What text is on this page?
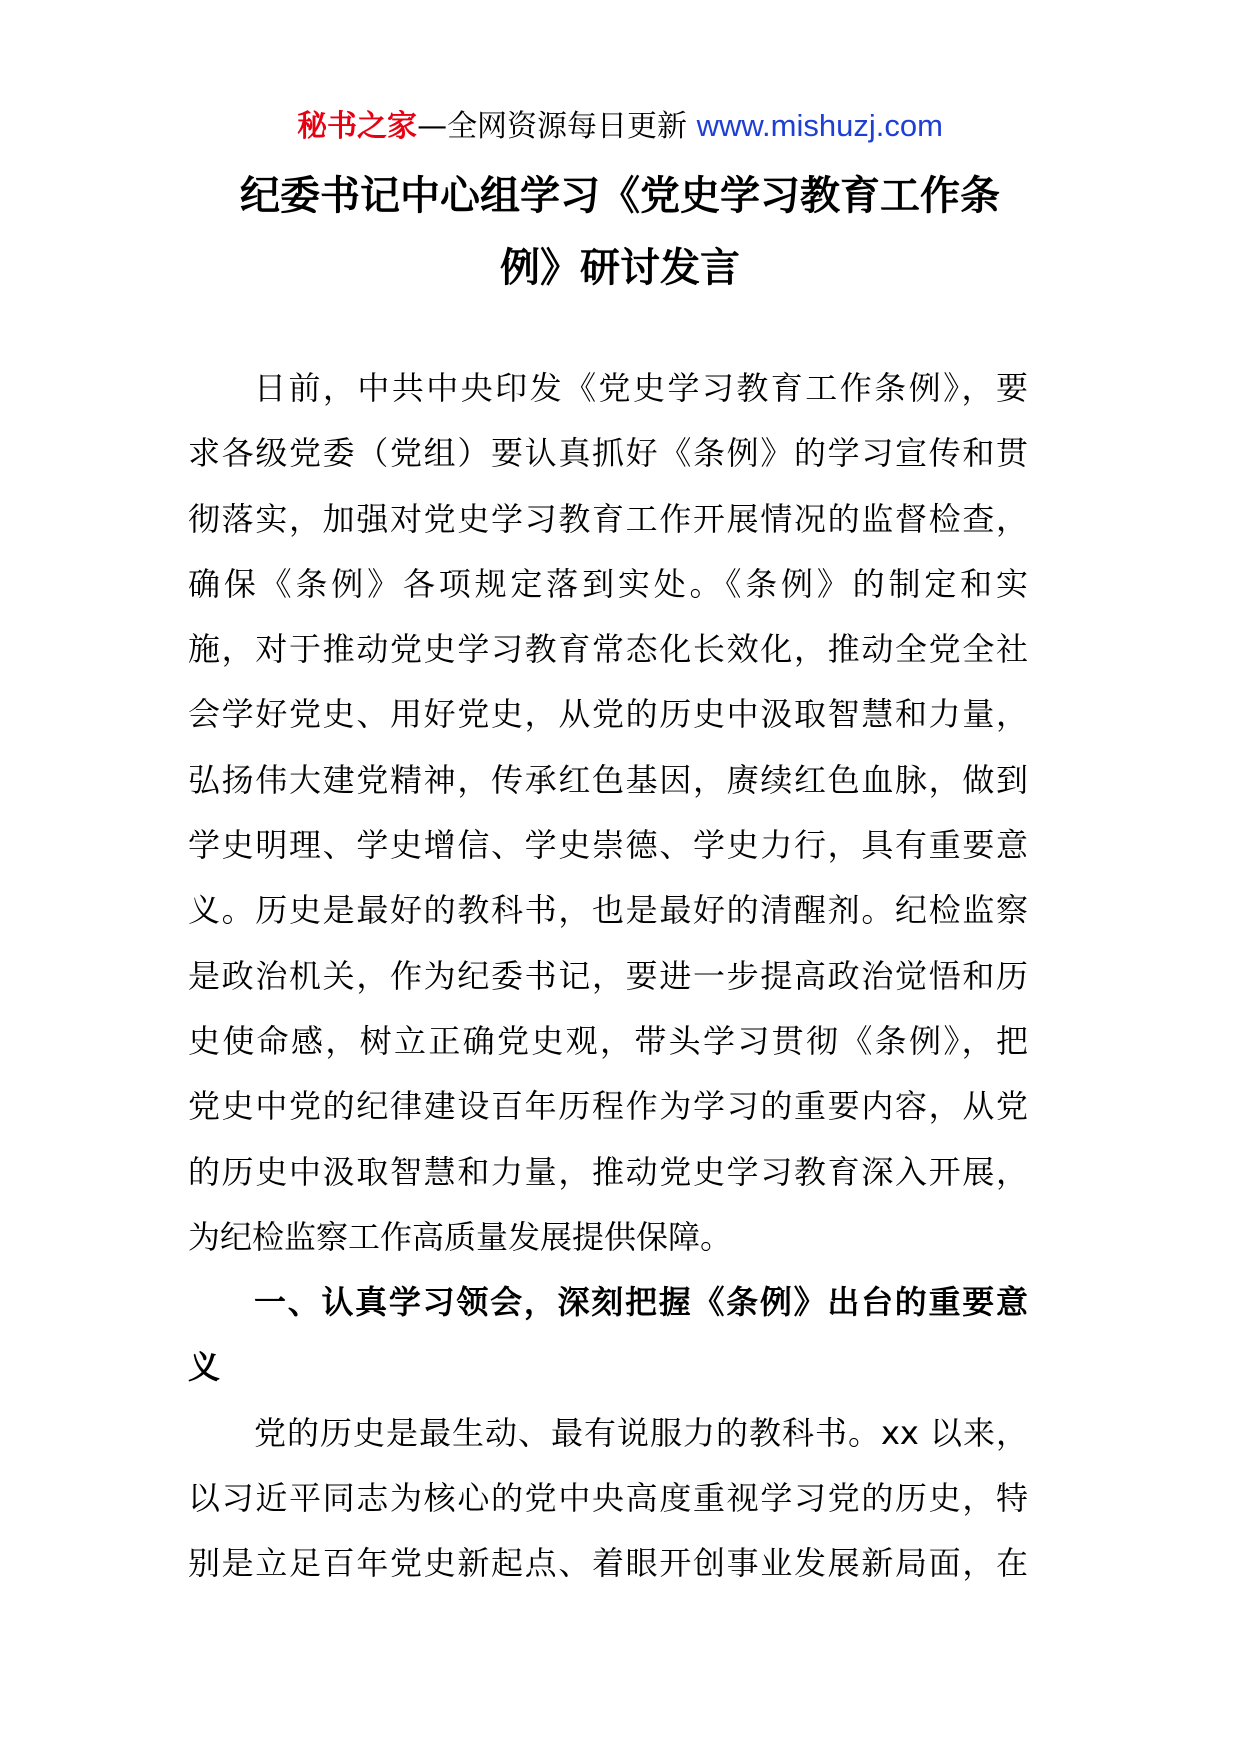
秘书之家—全网资源每日更新 www.mishuzj.com
纪委书记中心组学习《党史学习教育工作条
例》研讨发言
日前，中共中央印发《党史学习教育工作条例》，要
求各级党委（党组）要认真抓好《条例》的学习宣传和贯
彻落实，加强对党史学习教育工作开展情况的监督检查，
确保《条例》各项规定落到实处。《条例》的制定和实
施，对于推动党史学习教育常态化长效化，推动全党全社
会学好党史、用好党史，从党的历史中汲取智慧和力量，
弘扬伟大建党精神，传承红色基因，赓续红色血脉，做到
学史明理、学史增信、学史崇德、学史力行，具有重要意
义。历史是最好的教科书，也是最好的清醒剂。纪检监察
是政治机关，作为纪委书记，要进一步提高政治觉悟和历
史使命感，树立正确党史观，带头学习贯彻《条例》，把
党史中党的纪律建设百年历程作为学习的重要内容，从党
的历史中汲取智慧和力量，推动党史学习教育深入开展，
为纪检监察工作高质量发展提供保障。
一、认真学习领会，深刻把握《条例》出台的重要意
义
党的历史是最生动、最有说服力的教科书。xx 以来，
以习近平同志为核心的党中央高度重视学习党的历史，特
别是立足百年党史新起点、着眼开创事业发展新局面，在
